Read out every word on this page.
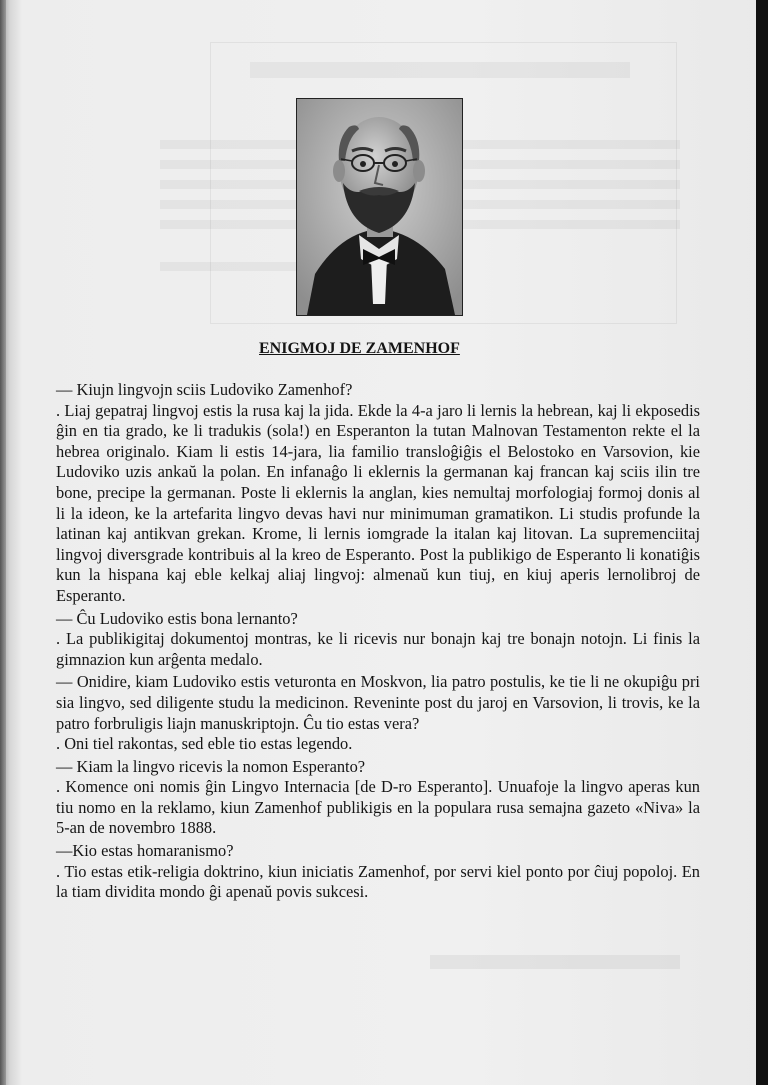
ENIGMOJ DE ZAMENHOF

— Kiujn lingvojn sciis Ludoviko Zamenhof?

. Liaj gepatraj lingvoj estis la rusa kaj la jida. Ekde la 4-a jaro li lernis la hebrean, kaj li ekposedis ĝin en tia grado, ke li tradukis (sola!) en Esperanton la tutan Malnovan Testamenton rekte el la hebrea originalo. Kiam li estis 14-jara, lia familio transloĝiĝis el Belostoko en Varsovion, kie Ludoviko uzis ankaŭ la polan. En infanaĝo li eklernis la germanan kaj francan kaj sciis ilin tre bone, precipe la germanan. Poste li eklernis la anglan, kies nemultaj morfologiaj formoj donis al li la ideon, ke la artefarita lingvo devas havi nur minimuman gramatikon. Li studis profunde la latinan kaj antikvan grekan. Krome, li lernis iomgrade la italan kaj litovan. La supremenciitaj lingvoj diversgrade kontribuis al la kreo de Esperanto. Post la publikigo de Esperanto li konatiĝis kun la hispana kaj eble kelkaj aliaj lingvoj: almenaŭ kun tiuj, en kiuj aperis lernolibroj de Esperanto.

— Ĉu Ludoviko estis bona lernanto?

. La publikigitaj dokumentoj montras, ke li ricevis nur bonajn kaj tre bonajn notojn. Li finis la gimnazion kun arĝenta medalo.

— Onidire, kiam Ludoviko estis veturonta en Moskvon, lia patro postulis, ke tie li ne okupiĝu pri sia lingvo, sed diligente studu la medicinon. Reveninte post du jaroj en Varsovion, li trovis, ke la patro forbruligis liajn manuskriptojn. Ĉu tio estas vera?

. Oni tiel rakontas, sed eble tio estas legendo.

— Kiam la lingvo ricevis la nomon Esperanto?

. Komence oni nomis ĝin Lingvo Internacia [de D-ro Esperanto]. Unuafoje la lingvo aperas kun tiu nomo en la reklamo, kiun Zamenhof publikigis en la populara rusa semajna gazeto «Niva» la 5-an de novembro 1888.

—Kio estas homaranismo?

. Tio estas etik-religia doktrino, kiun iniciatis Zamenhof, por servi kiel ponto por ĉiuj popoloj. En la tiam dividita mondo ĝi apenaŭ povis sukcesi.
